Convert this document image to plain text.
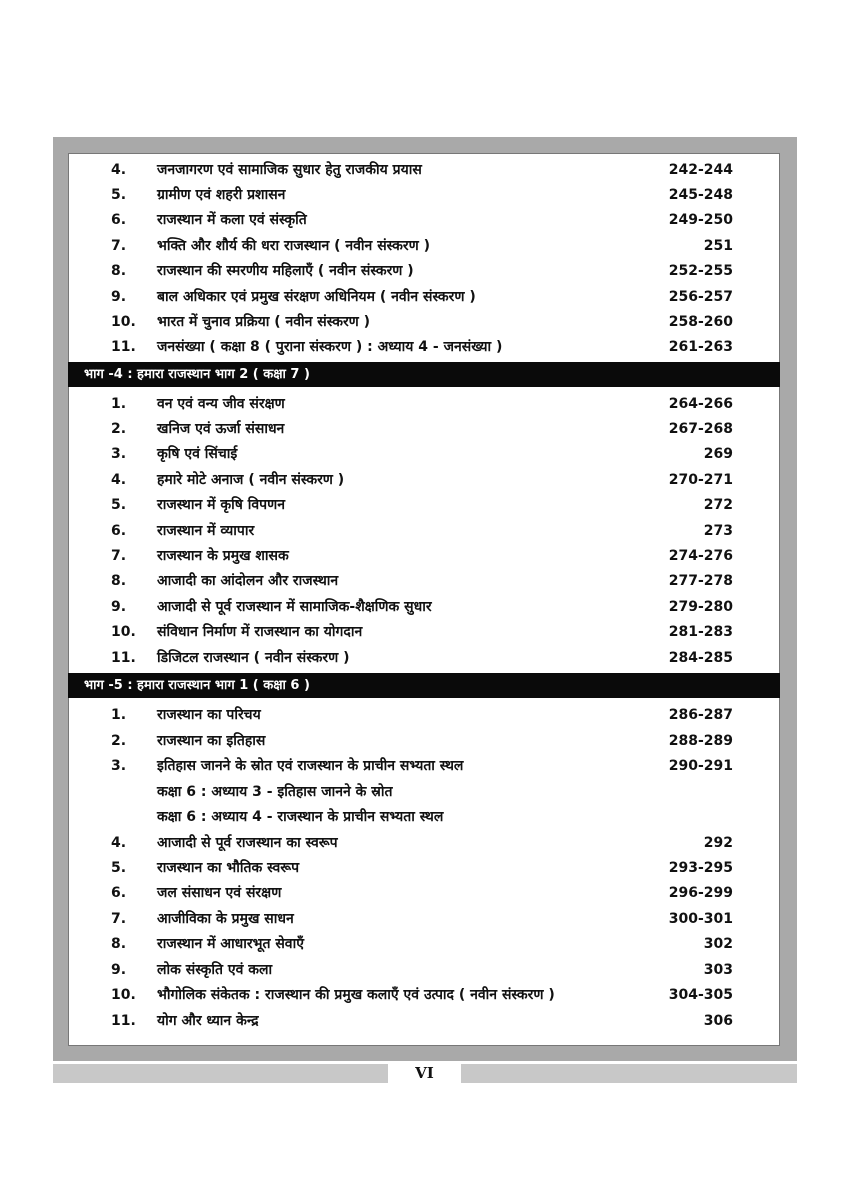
4. जनजागरण एवं सामाजिक सुधार हेतु राजकीय प्रयास	242-244
5. ग्रामीण एवं शहरी प्रशासन	245-248
6. राजस्थान में कला एवं संस्कृति	249-250
7. भक्ति और शौर्य की धरा राजस्थान ( नवीन संस्करण )	251
8. राजस्थान की स्मरणीय महिलाएँ ( नवीन संस्करण )	252-255
9. बाल अधिकार एवं प्रमुख संरक्षण अधिनियम ( नवीन संस्करण )	256-257
10. भारत में चुनाव प्रक्रिया ( नवीन संस्करण )	258-260
11. जनसंख्या ( कक्षा 8 ( पुराना संस्करण ) : अध्याय 4 - जनसंख्या )	261-263
भाग -4 : हमारा राजस्थान भाग 2 ( कक्षा 7 )
1. वन एवं वन्य जीव संरक्षण	264-266
2. खनिज एवं ऊर्जा संसाधन	267-268
3. कृषि एवं सिंचाई	269
4. हमारे मोटे अनाज ( नवीन संस्करण )	270-271
5. राजस्थान में कृषि विपणन	272
6. राजस्थान में व्यापार	273
7. राजस्थान के प्रमुख शासक	274-276
8. आजादी का आंदोलन और राजस्थान	277-278
9. आजादी से पूर्व राजस्थान में सामाजिक-शैक्षणिक सुधार	279-280
10. संविधान निर्माण में राजस्थान का योगदान	281-283
11. डिजिटल राजस्थान ( नवीन संस्करण )	284-285
भाग -5 : हमारा राजस्थान भाग 1 ( कक्षा 6 )
1. राजस्थान का परिचय	286-287
2. राजस्थान का इतिहास	288-289
3. इतिहास जानने के स्रोत एवं राजस्थान के प्राचीन सभ्यता स्थल	290-291
कक्षा 6 : अध्याय 3 - इतिहास जानने के स्रोत
कक्षा 6 : अध्याय 4 - राजस्थान के प्राचीन सभ्यता स्थल
4. आजादी से पूर्व राजस्थान का स्वरूप	292
5. राजस्थान का भौतिक स्वरूप	293-295
6. जल संसाधन एवं संरक्षण	296-299
7. आजीविका के प्रमुख साधन	300-301
8. राजस्थान में आधारभूत सेवाएँ	302
9. लोक संस्कृति एवं कला	303
10. भौगोलिक संकेतक : राजस्थान की प्रमुख कलाएँ एवं उत्पाद ( नवीन संस्करण )	304-305
11. योग और ध्यान केन्द्र	306
VI
